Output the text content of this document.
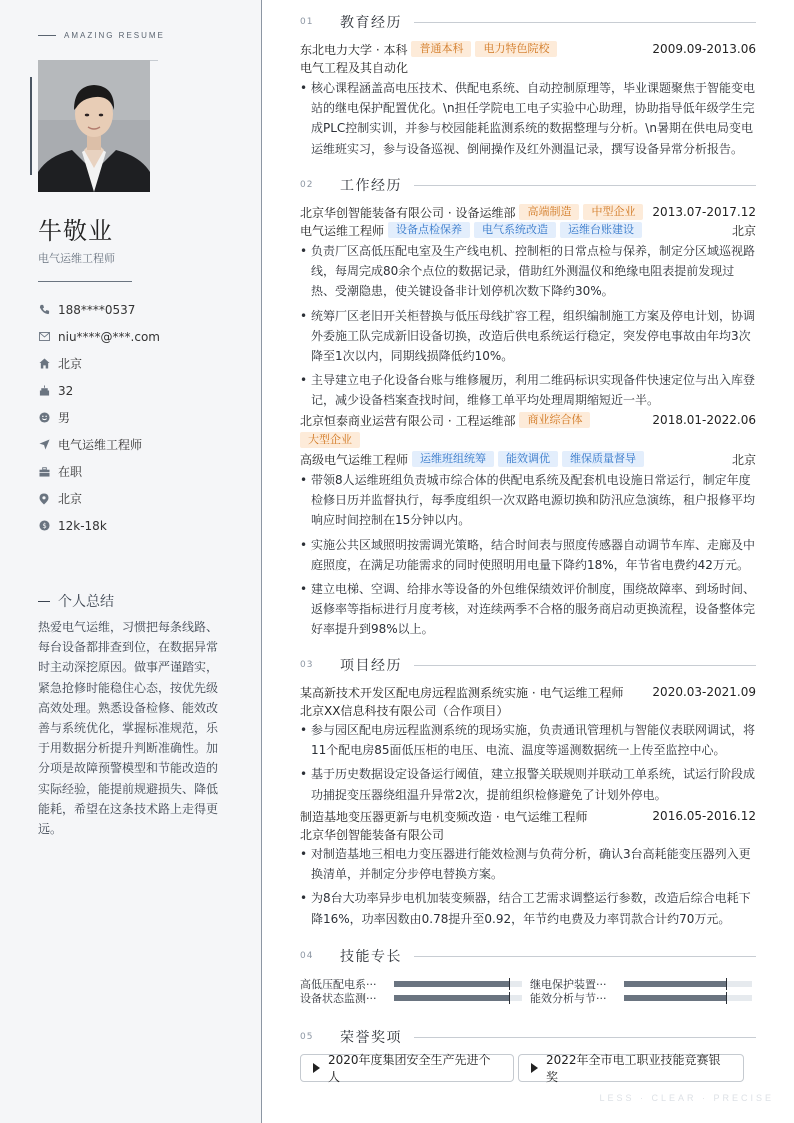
AMAZING RESUME
牛敬业
电气运维工程师
188****0537
niu****@***.com
北京
32
男
电气运维工程师
在职
北京
$ 12k-18k
个人总结

热爱电气运维，习惯把每条线路、每台设备都排查到位，在数据异常时主动深挖原因。做事严谨踏实，紧急抢修时能稳住心态，按优先级高效处理。熟悉设备检修、能效改善与系统优化，掌握标准规范，乐于用数据分析提升判断准确性。加分项是故障预警模型和节能改造的实际经验，能提前规避损失、降低能耗，希望在这条技术路上走得更远。

01	教育经历
东北电力大学 · 本科	普通本科	电力特色院校	2009.09-2013.06
电气工程及其自动化
• 核心课程涵盖高电压技术、供配电系统、自动控制原理等，毕业课题聚焦于智能变电站的继电保护配置优化。\n担任学院电工电子实验中心助理，协助指导低年级学生完成PLC控制实训，并参与校园能耗监测系统的数据整理与分析。\n暑期在供电局变电运维班实习，参与设备巡视、倒闸操作及红外测温记录，撰写设备异常分析报告。
02	工作经历
北京华创智能装备有限公司 · 设备运维部	高端制造	中型企业	2013.07-2017.12
电气运维工程师	设备点检保养	电气系统改造	运维台账建设	北京
• 负责厂区高低压配电室及生产线电机、控制柜的日常点检与保养，制定分区域巡视路线，每周完成80余个点位的数据记录，借助红外测温仪和绝缘电阻表提前发现过热、受潮隐患，使关键设备非计划停机次数下降约30%。
• 统筹厂区老旧开关柜替换与低压母线扩容工程，组织编制施工方案及停电计划，协调外委施工队完成新旧设备切换，改造后供电系统运行稳定，突发停电事故由年均3次降至1次以内，同期线损降低约10%。
• 主导建立电子化设备台账与维修履历，利用二维码标识实现备件快速定位与出入库登记，减少设备档案查找时间，维修工单平均处理周期缩短近一半。
北京恒泰商业运营有限公司 · 工程运维部	商业综合体	2018.01-2022.06
大型企业
高级电气运维工程师	运维班组统筹	能效调优	维保质量督导	北京
• 带领8人运维班组负责城市综合体的供配电系统及配套机电设施日常运行，制定年度检修日历并监督执行，每季度组织一次双路电源切换和防汛应急演练，租户报修平均响应时间控制在15分钟以内。
• 实施公共区域照明按需调光策略，结合时间表与照度传感器自动调节车库、走廊及中庭照度，在满足功能需求的同时使照明用电量下降约18%，年节省电费约42万元。
• 建立电梯、空调、给排水等设备的外包维保绩效评价制度，围绕故障率、到场时间、返修率等指标进行月度考核，对连续两季不合格的服务商启动更换流程，设备整体完好率提升到98%以上。
03	项目经历
某高新技术开发区配电房远程监测系统实施 · 电气运维工程师 2020.03-2021.09
北京XX信息科技有限公司（合作项目）
• 参与园区配电房远程监测系统的现场实施，负责通讯管理机与智能仪表联网调试，将11个配电房85面低压柜的电压、电流、温度等遥测数据统一上传至监控中心。
• 基于历史数据设定设备运行阈值，建立报警关联规则并联动工单系统，试运行阶段成功捕捉变压器绕组温升异常2次，提前组织检修避免了计划外停电。
制造基地变压器更新与电机变频改造 · 电气运维工程师	2016.05-2016.12
北京华创智能装备有限公司
• 对制造基地三相电力变压器进行能效检测与负荷分析，确认3台高耗能变压器列入更换清单，并制定分步停电替换方案。
• 为8台大功率异步电机加装变频器，结合工艺需求调整运行参数，改造后综合电耗下降16%，功率因数由0.78提升至0.92，年节约电费及力率罚款合计约70万元。
04	技能专长
高低压配电系···	继电保护装置···
设备状态监测···	能效分析与节···
05	荣誉奖项
2020年度集团安全生产先进个人
2022年全市电工职业技能竞赛银奖
LESS · CLEAR · PRECISE
